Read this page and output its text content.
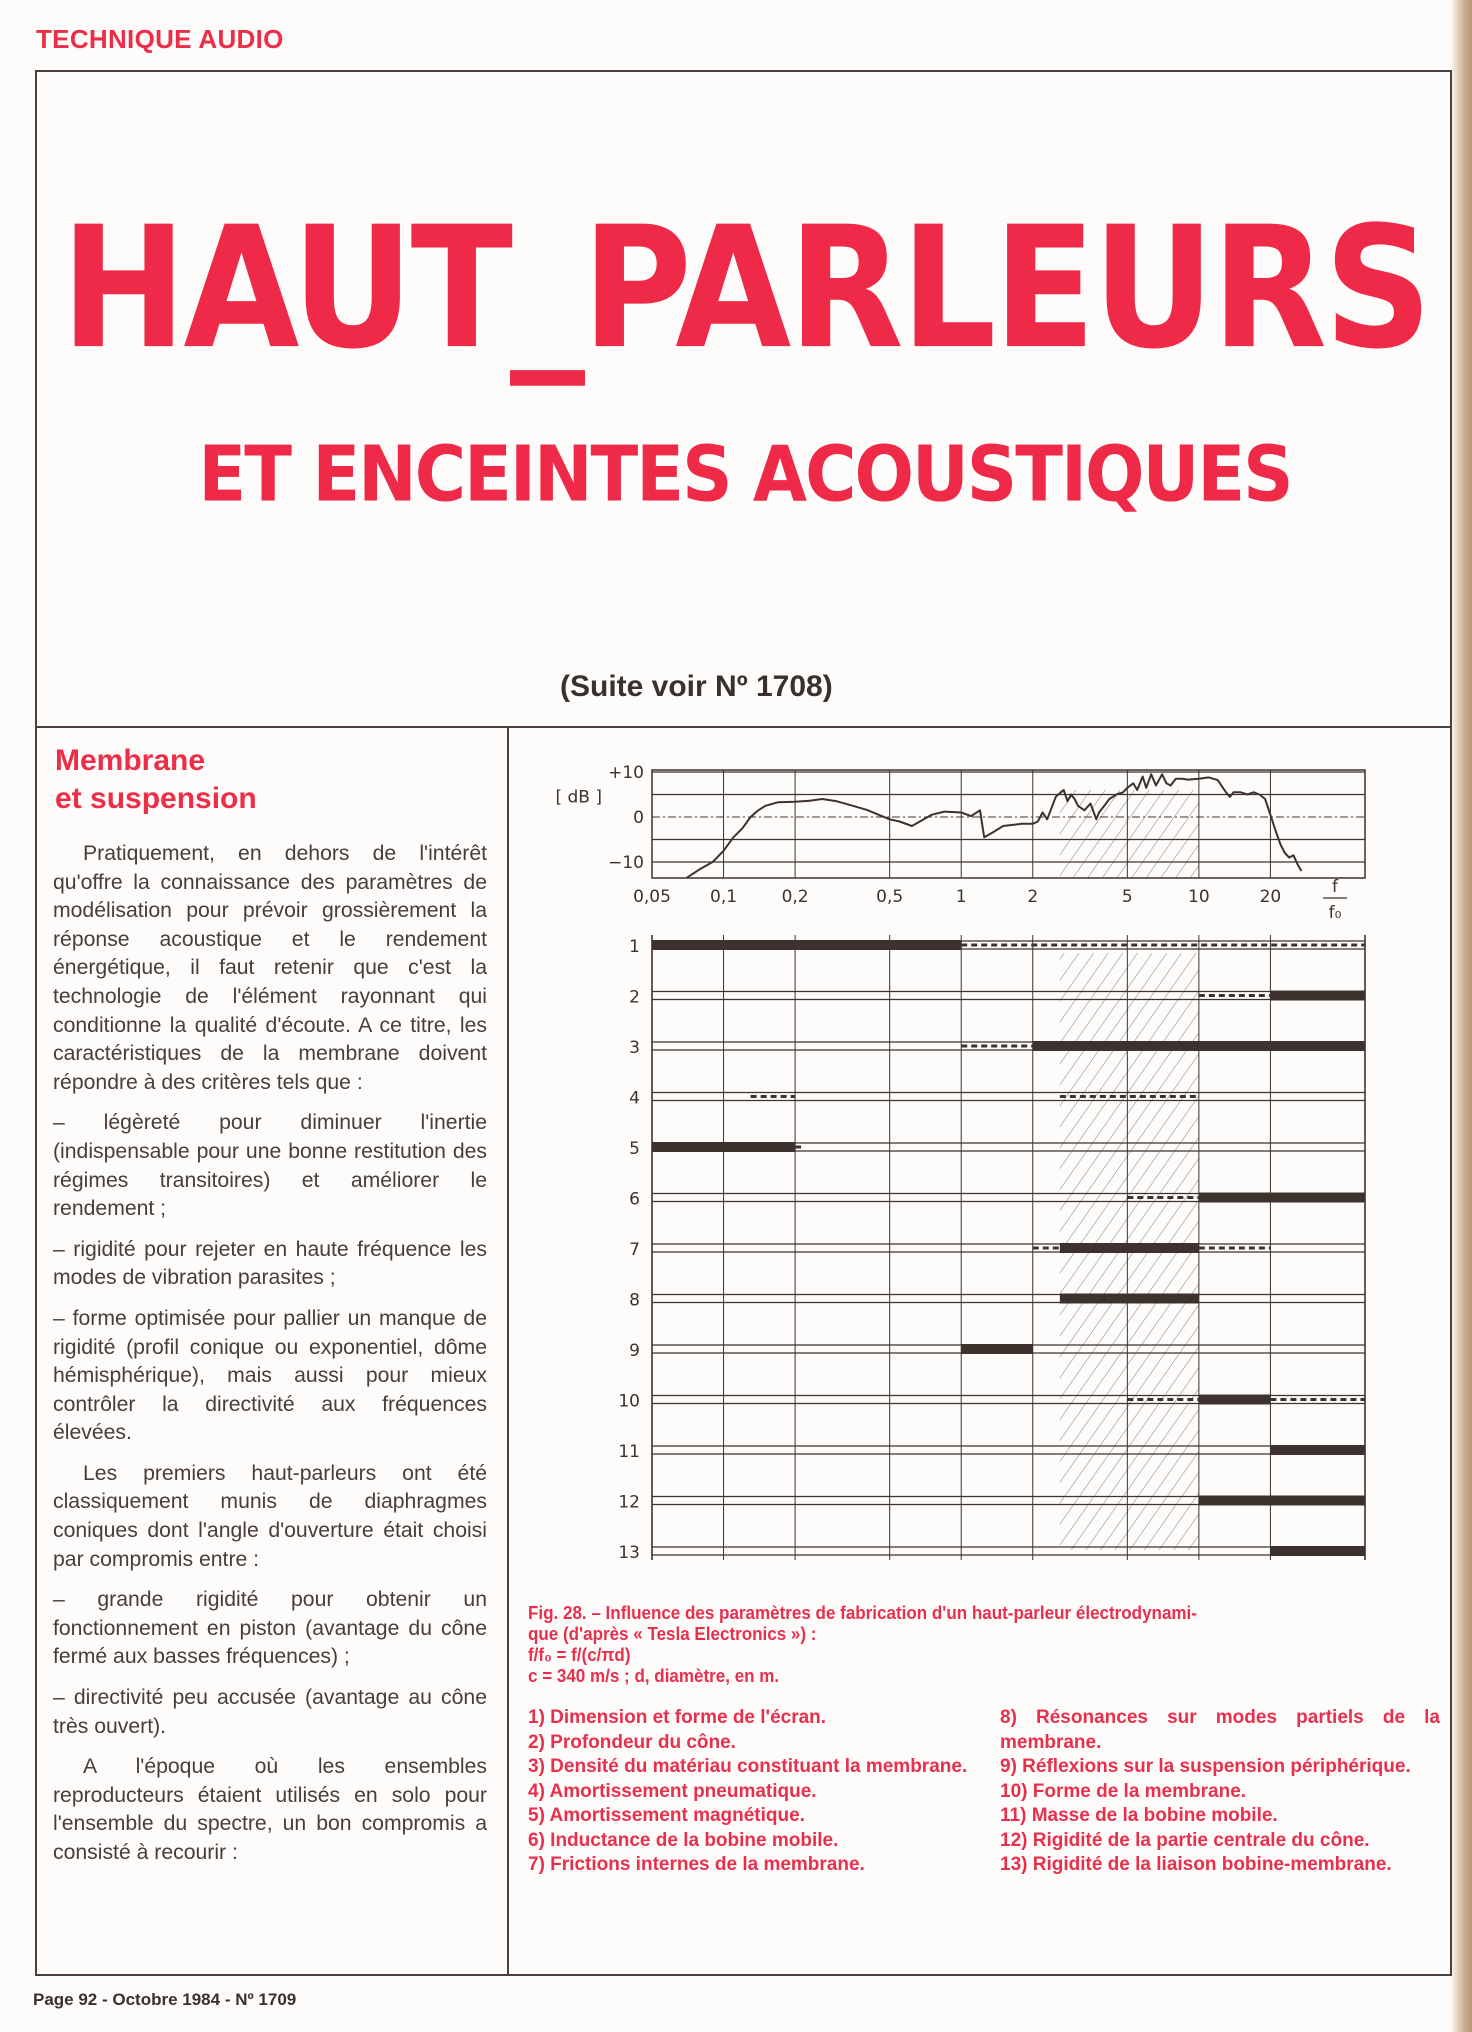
TECHNIQUE AUDIO
HAUT_PARLEURS
ET ENCEINTES ACOUSTIQUES
(Suite voir Nº 1708)
Membrane
et suspension

Pratiquement, en dehors de l'intérêt qu'offre la connaissance des paramètres de modélisation pour prévoir grossièrement la réponse acoustique et le rendement énergétique, il faut retenir que c'est la technologie de l'élément rayonnant qui conditionne la qualité d'écoute. A ce titre, les caractéristiques de la membrane doivent répondre à des critères tels que :

– légèreté pour diminuer l'inertie (indispensable pour une bonne restitution des régimes transitoires) et améliorer le rendement ;

– rigidité pour rejeter en haute fréquence les modes de vibration parasites ;

– forme optimisée pour pallier un manque de rigidité (profil conique ou exponentiel, dôme hémisphérique), mais aussi pour mieux contrôler la directivité aux fréquences élevées.

Les premiers haut-parleurs ont été classiquement munis de diaphragmes coniques dont l'angle d'ouverture était choisi par compromis entre :

– grande rigidité pour obtenir un fonctionnement en piston (avantage du cône fermé aux basses fréquences) ;

– directivité peu accusée (avantage au cône très ouvert).

A l'époque où les ensembles reproducteurs étaient utilisés en solo pour l'ensemble du spectre, un bon compromis a consisté à recourir :

0,05 0,1	0,2	0,5	1	2	5	10	20
+10
0
−10
[ dB ]
f
f₀
1
2
3
4
5
6
7
8
9
10
11
12
13
Fig. 28. – Influence des paramètres de fabrication d'un haut-parleur électrodynami-
que (d'après « Tesla Electronics ») :
f/f₀ = f/(c/πd)
c = 340 m/s ; d, diamètre, en m.
1) Dimension et forme de l'écran.
2) Profondeur du cône.
3) Densité du matériau constituant la membrane.
4) Amortissement pneumatique.
5) Amortissement magnétique.
6) Inductance de la bobine mobile.
7) Frictions internes de la membrane.
8) Résonances sur modes partiels de la membrane.
9) Réflexions sur la suspension périphérique.
10) Forme de la membrane.
11) Masse de la bobine mobile.
12) Rigidité de la partie centrale du cône.
13) Rigidité de la liaison bobine-membrane.
Page 92 - Octobre 1984 - Nº 1709
